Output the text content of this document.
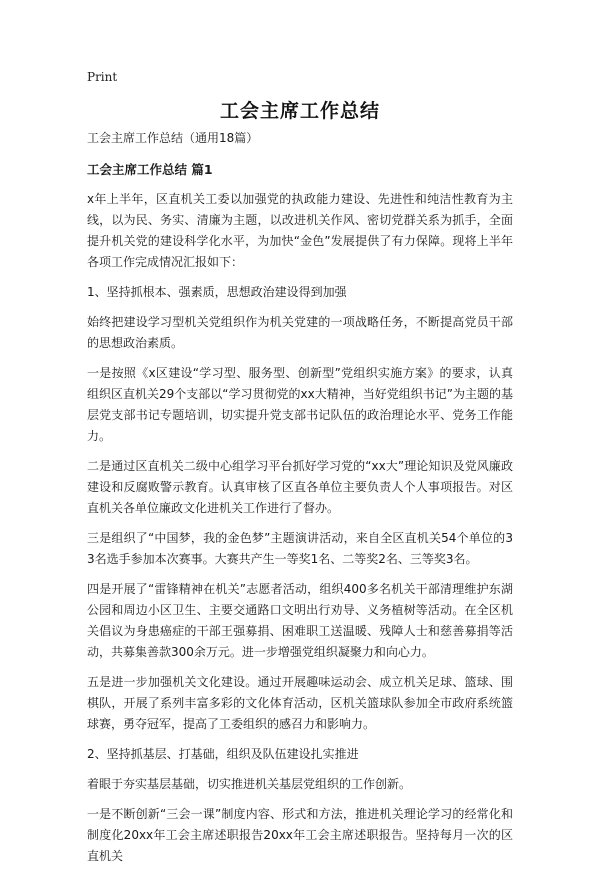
Print
工会主席工作总结

工会主席工作总结（通用18篇）

工会主席工作总结 篇1

x年上半年，区直机关工委以加强党的执政能力建设、先进性和纯洁性教育为主线，以为民、务实、清廉为主题，以改进机关作风、密切党群关系为抓手，全面提升机关党的建设科学化水平，为加快“金色”发展提供了有力保障。现将上半年各项工作完成情况汇报如下：

1、坚持抓根本、强素质，思想政治建设得到加强

始终把建设学习型机关党组织作为机关党建的一项战略任务，不断提高党员干部的思想政治素质。

一是按照《x区建设“学习型、服务型、创新型”党组织实施方案》的要求，认真组织区直机关29个支部以“学习贯彻党的xx大精神，当好党组织书记”为主题的基层党支部书记专题培训，切实提升党支部书记队伍的政治理论水平、党务工作能力。

二是通过区直机关二级中心组学习平台抓好学习党的“xx大”理论知识及党风廉政建设和反腐败警示教育。认真审核了区直各单位主要负责人个人事项报告。对区直机关各单位廉政文化进机关工作进行了督办。

三是组织了“中国梦，我的金色梦”主题演讲活动，来自全区直机关54个单位的33名选手参加本次赛事。大赛共产生一等奖1名、二等奖2名、三等奖3名。

四是开展了“雷锋精神在机关”志愿者活动，组织400多名机关干部清理维护东湖公园和周边小区卫生、主要交通路口文明出行劝导、义务植树等活动。在全区机关倡议为身患癌症的干部王强募捐、困难职工送温暖、残障人士和慈善募捐等活动，共募集善款300余万元。进一步增强党组织凝聚力和向心力。

五是进一步加强机关文化建设。通过开展趣味运动会、成立机关足球、篮球、围棋队，开展了系列丰富多彩的文化体育活动，区机关篮球队参加全市政府系统篮球赛，勇夺冠军，提高了工委组织的感召力和影响力。

2、坚持抓基层、打基础，组织及队伍建设扎实推进

着眼于夯实基层基础，切实推进机关基层党组织的工作创新。

一是不断创新“三会一课”制度内容、形式和方法，推进机关理论学习的经常化和制度化20xx年工会主席述职报告20xx年工会主席述职报告。坚持每月一次的区直机关
